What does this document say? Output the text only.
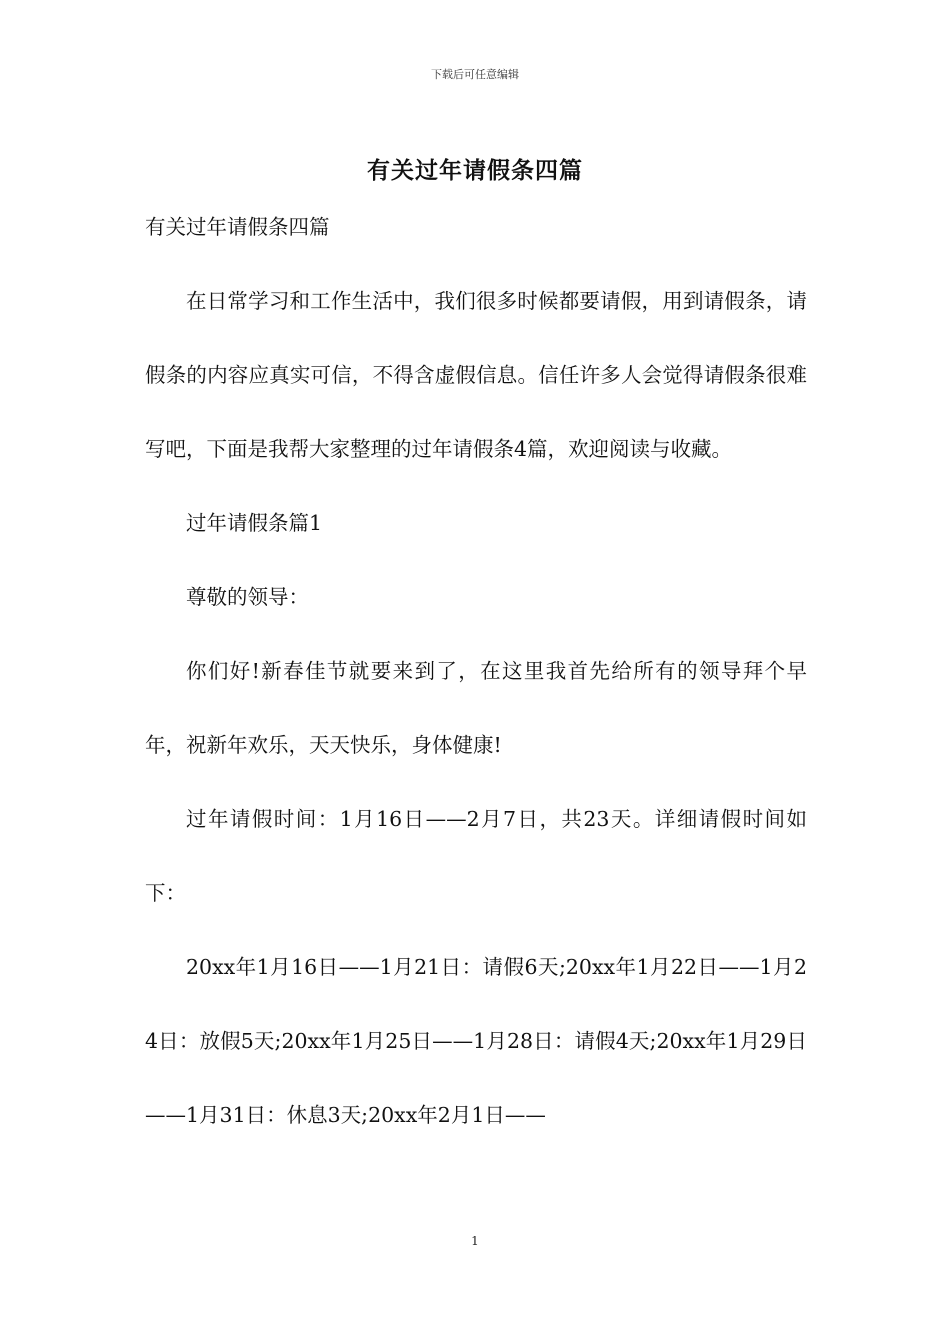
下载后可任意编辑
有关过年请假条四篇

有关过年请假条四篇

在日常学习和工作生活中，我们很多时候都要请假，用到请假条，请假条的内容应真实可信，不得含虚假信息。信任许多人会觉得请假条很难写吧，下面是我帮大家整理的过年请假条4篇，欢迎阅读与收藏。

过年请假条篇1

尊敬的领导：

你们好!新春佳节就要来到了，在这里我首先给所有的领导拜个早年，祝新年欢乐，天天快乐，身体健康!

过年请假时间：1月16日——2月7日，共23天。详细请假时间如下：

20xx年1月16日——1月21日：请假6天;20xx年1月22日——1月24日：放假5天;20xx年1月25日——1月28日：请假4天;20xx年1月29日——1月31日：休息3天;20xx年2月1日——

1
